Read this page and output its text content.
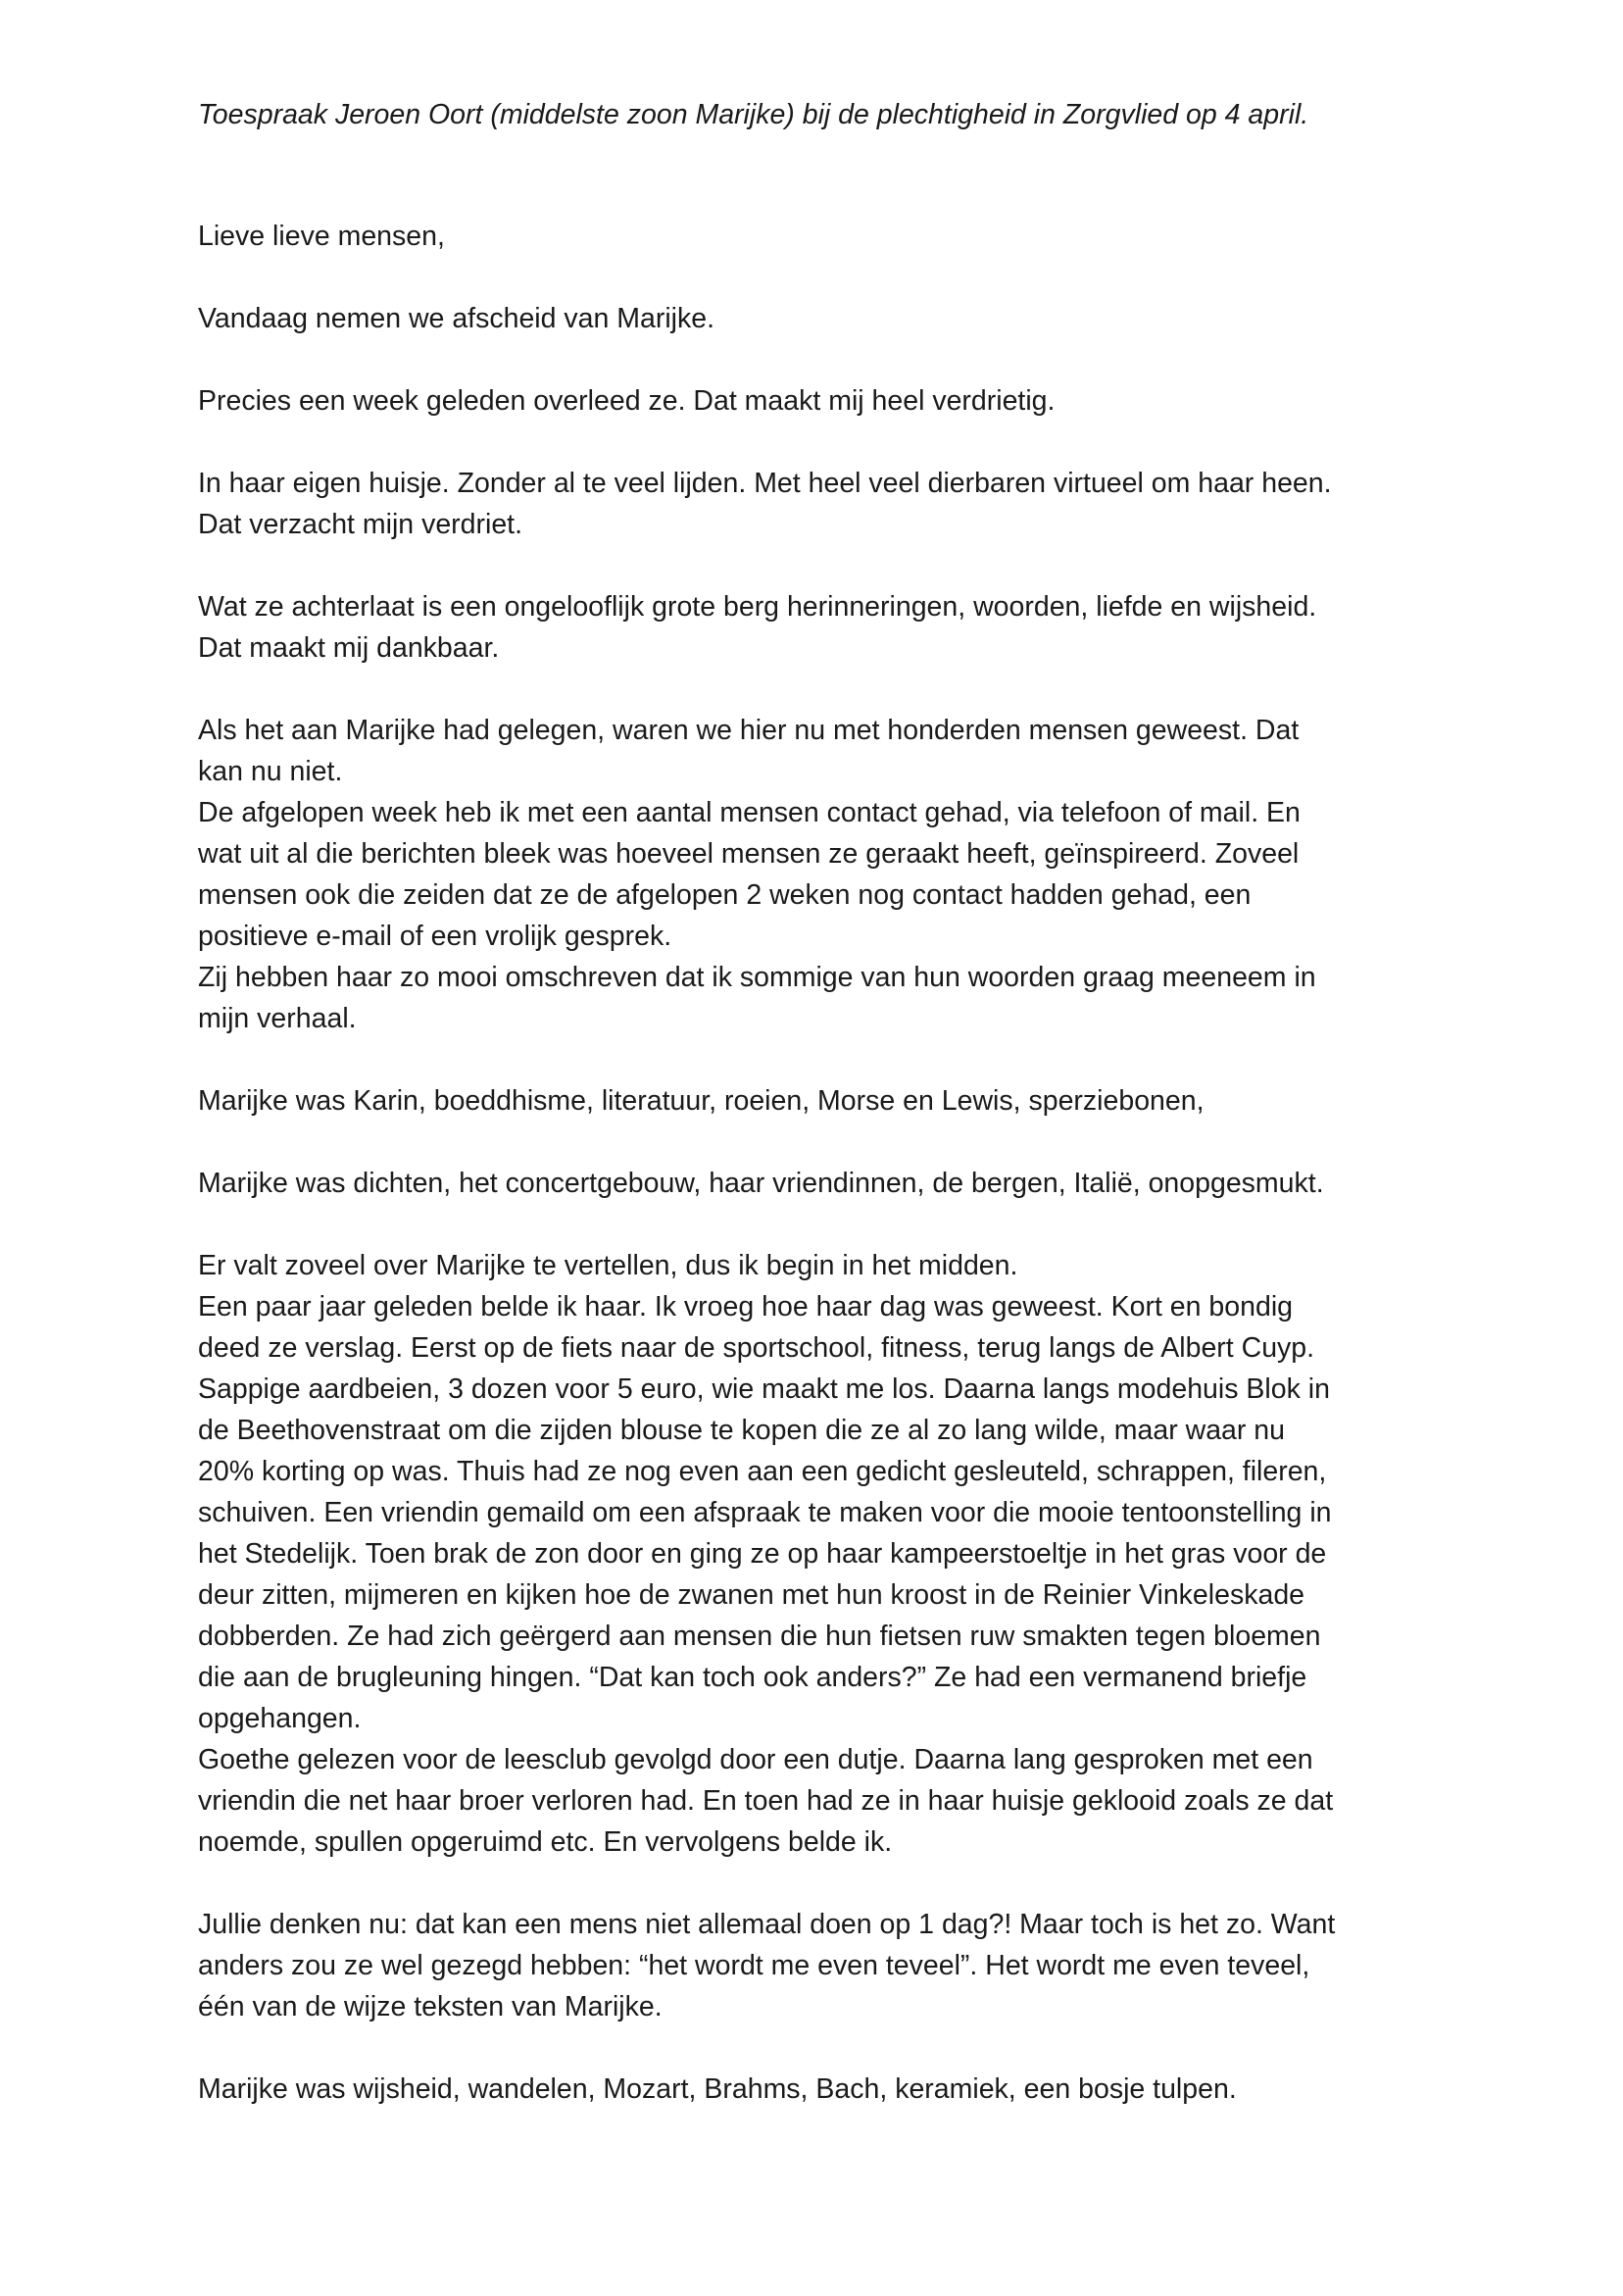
Toespraak Jeroen Oort (middelste zoon Marijke) bij de plechtigheid in Zorgvlied op 4 april.

Lieve lieve mensen,

Vandaag nemen we afscheid van Marijke.

Precies een week geleden overleed ze. Dat maakt mij heel verdrietig.

In haar eigen huisje. Zonder al te veel lijden. Met heel veel dierbaren virtueel om haar heen.
Dat verzacht mijn verdriet.

Wat ze achterlaat is een ongelooflijk grote berg herinneringen, woorden, liefde en wijsheid.
Dat maakt mij dankbaar.

Als het aan Marijke had gelegen, waren we hier nu met honderden mensen geweest. Dat
kan nu niet.
De afgelopen week heb ik met een aantal mensen contact gehad, via telefoon of mail. En
wat uit al die berichten bleek was hoeveel mensen ze geraakt heeft, geïnspireerd. Zoveel
mensen ook die zeiden dat ze de afgelopen 2 weken nog contact hadden gehad, een
positieve e-mail of een vrolijk gesprek.
Zij hebben haar zo mooi omschreven dat ik sommige van hun woorden graag meeneem in
mijn verhaal.

Marijke was Karin, boeddhisme, literatuur, roeien, Morse en Lewis, sperziebonen,

Marijke was dichten, het concertgebouw, haar vriendinnen, de bergen, Italië, onopgesmukt.

Er valt zoveel over Marijke te vertellen, dus ik begin in het midden.
Een paar jaar geleden belde ik haar. Ik vroeg hoe haar dag was geweest. Kort en bondig
deed ze verslag. Eerst op de fiets naar de sportschool, fitness, terug langs de Albert Cuyp.
Sappige aardbeien, 3 dozen voor 5 euro, wie maakt me los. Daarna langs modehuis Blok in
de Beethovenstraat om die zijden blouse te kopen die ze al zo lang wilde, maar waar nu
20% korting op was. Thuis had ze nog even aan een gedicht gesleuteld, schrappen, fileren,
schuiven. Een vriendin gemaild om een afspraak te maken voor die mooie tentoonstelling in
het Stedelijk. Toen brak de zon door en ging ze op haar kampeerstoeltje in het gras voor de
deur zitten, mijmeren en kijken hoe de zwanen met hun kroost in de Reinier Vinkeleskade
dobberden. Ze had zich geërgerd aan mensen die hun fietsen ruw smakten tegen bloemen
die aan de brugleuning hingen. “Dat kan toch ook anders?” Ze had een vermanend briefje
opgehangen.
Goethe gelezen voor de leesclub gevolgd door een dutje. Daarna lang gesproken met een
vriendin die net haar broer verloren had. En toen had ze in haar huisje geklooid zoals ze dat
noemde, spullen opgeruimd etc. En vervolgens belde ik.

Jullie denken nu: dat kan een mens niet allemaal doen op 1 dag?! Maar toch is het zo. Want
anders zou ze wel gezegd hebben: “het wordt me even teveel”. Het wordt me even teveel,
één van de wijze teksten van Marijke.

Marijke was wijsheid, wandelen, Mozart, Brahms, Bach, keramiek, een bosje tulpen.
